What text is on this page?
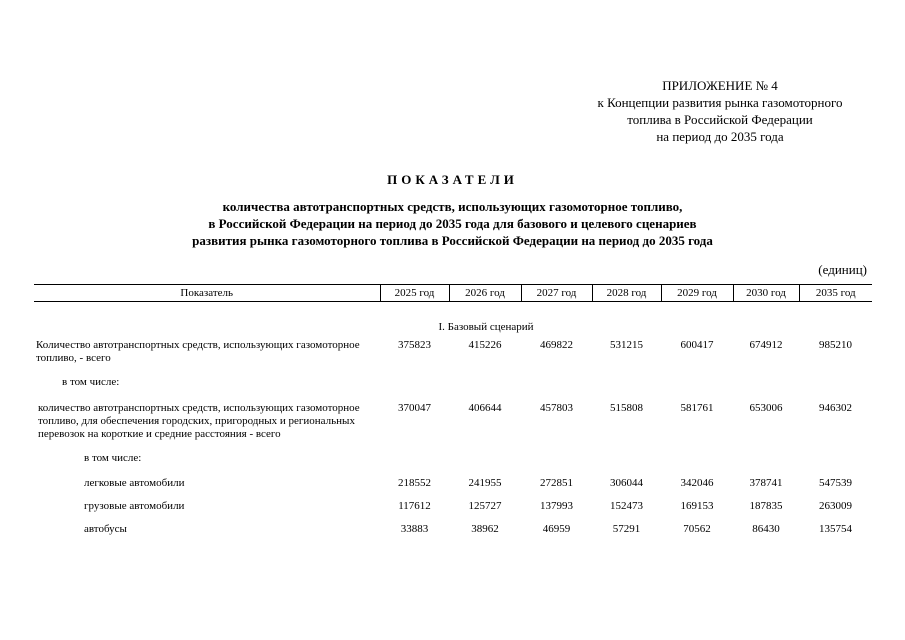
ПРИЛОЖЕНИЕ № 4
к Концепции развития рынка газомоторного
топлива в Российской Федерации
на период до 2035 года
ПОКАЗАТЕЛИ
количества автотранспортных средств, использующих газомоторное топливо,
в Российской Федерации на период до 2035 года для базового и целевого сценариев
развития рынка газомоторного топлива в Российской Федерации на период до 2035 года
(единиц)
Показатель	2025 год	2026 год	2027 год	2028 год	2029 год	2030 год	2035 год
	I. Базовый сценарий						
Количество автотранспортных средств, использующих газомоторное топливо, - всего	375823	415226	469822	531215	600417	674912	985210
в том числе:							
количество автотранспортных средств, использующих газомоторное топливо, для обеспечения городских, пригородных и региональных перевозок на короткие и средние расстояния - всего	370047	406644	457803	515808	581761	653006	946302
в том числе:							
легковые автомобили	218552	241955	272851	306044	342046	378741	547539
грузовые автомобили	117612	125727	137993	152473	169153	187835	263009
автобусы	33883	38962	46959	57291	70562	86430	135754
